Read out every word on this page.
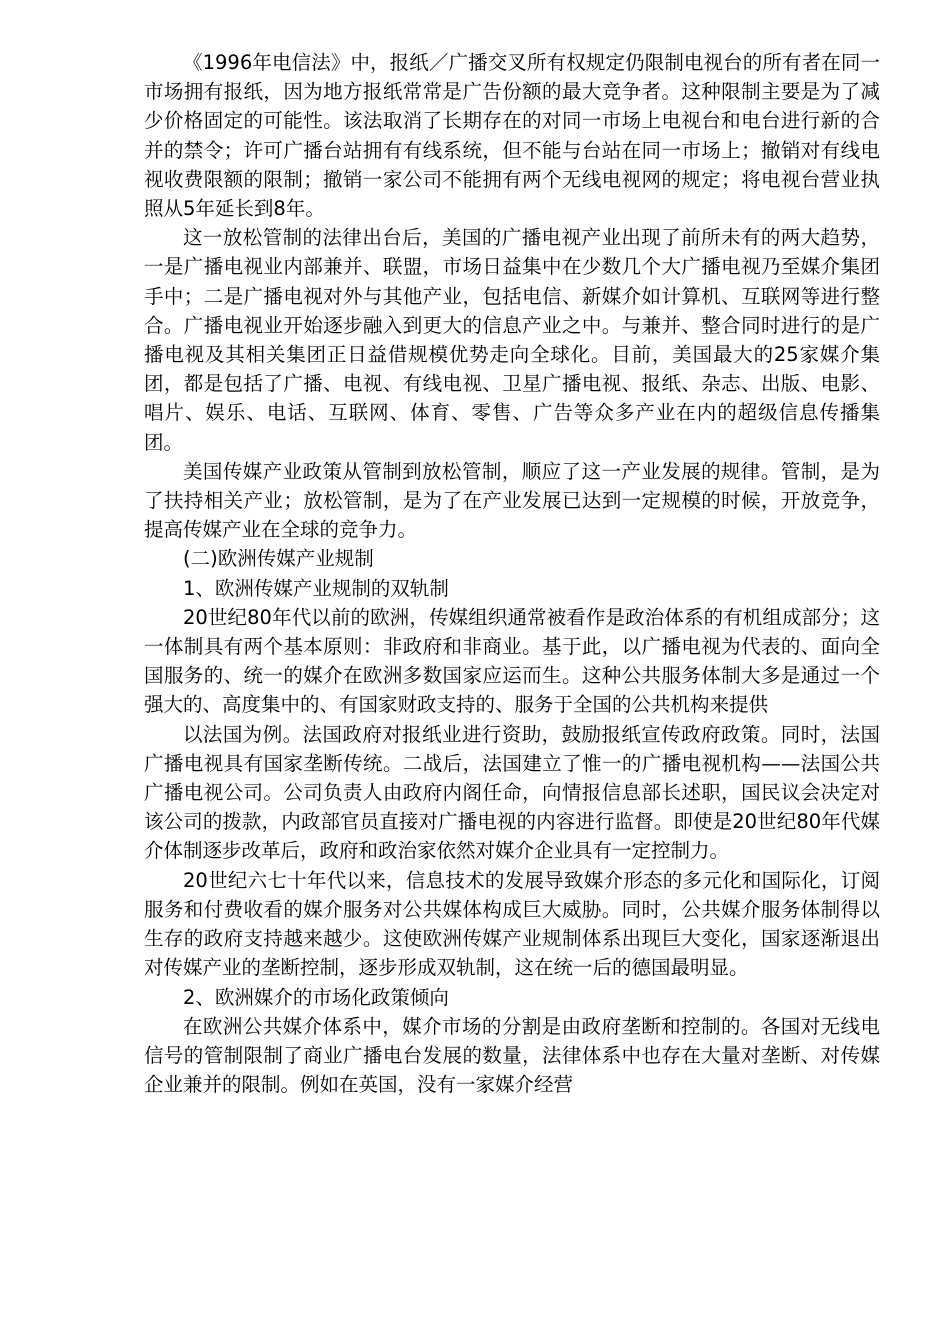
《1996年电信法》中，报纸／广播交叉所有权规定仍限制电视台的所有者在同一市场拥有报纸，因为地方报纸常常是广告份额的最大竞争者。这种限制主要是为了减少价格固定的可能性。该法取消了长期存在的对同一市场上电视台和电台进行新的合并的禁令；许可广播台站拥有有线系统，但不能与台站在同一市场上；撤销对有线电视收费限额的限制；撤销一家公司不能拥有两个无线电视网的规定；将电视台营业执照从5年延长到8年。

这一放松管制的法律出台后，美国的广播电视产业出现了前所未有的两大趋势，一是广播电视业内部兼并、联盟，市场日益集中在少数几个大广播电视乃至媒介集团手中；二是广播电视对外与其他产业，包括电信、新媒介如计算机、互联网等进行整合。广播电视业开始逐步融入到更大的信息产业之中。与兼并、整合同时进行的是广播电视及其相关集团正日益借规模优势走向全球化。目前，美国最大的25家媒介集团，都是包括了广播、电视、有线电视、卫星广播电视、报纸、杂志、出版、电影、唱片、娱乐、电话、互联网、体育、零售、广告等众多产业在内的超级信息传播集团。

美国传媒产业政策从管制到放松管制，顺应了这一产业发展的规律。管制，是为了扶持相关产业；放松管制，是为了在产业发展已达到一定规模的时候，开放竞争，提高传媒产业在全球的竞争力。

(二)欧洲传媒产业规制

1、欧洲传媒产业规制的双轨制

20世纪80年代以前的欧洲，传媒组织通常被看作是政治体系的有机组成部分；这一体制具有两个基本原则：非政府和非商业。基于此，以广播电视为代表的、面向全国服务的、统一的媒介在欧洲多数国家应运而生。这种公共服务体制大多是通过一个强大的、高度集中的、有国家财政支持的、服务于全国的公共机构来提供

以法国为例。法国政府对报纸业进行资助，鼓励报纸宣传政府政策。同时，法国广播电视具有国家垄断传统。二战后，法国建立了惟一的广播电视机构——法国公共广播电视公司。公司负责人由政府内阁任命，向情报信息部长述职，国民议会决定对该公司的拨款，内政部官员直接对广播电视的内容进行监督。即使是20世纪80年代媒介体制逐步改革后，政府和政治家依然对媒介企业具有一定控制力。

20世纪六七十年代以来，信息技术的发展导致媒介形态的多元化和国际化，订阅服务和付费收看的媒介服务对公共媒体构成巨大威胁。同时，公共媒介服务体制得以生存的政府支持越来越少。这使欧洲传媒产业规制体系出现巨大变化，国家逐渐退出对传媒产业的垄断控制，逐步形成双轨制，这在统一后的德国最明显。

2、欧洲媒介的市场化政策倾向

在欧洲公共媒介体系中，媒介市场的分割是由政府垄断和控制的。各国对无线电信号的管制限制了商业广播电台发展的数量，法律体系中也存在大量对垄断、对传媒企业兼并的限制。例如在英国，没有一家媒介经营
